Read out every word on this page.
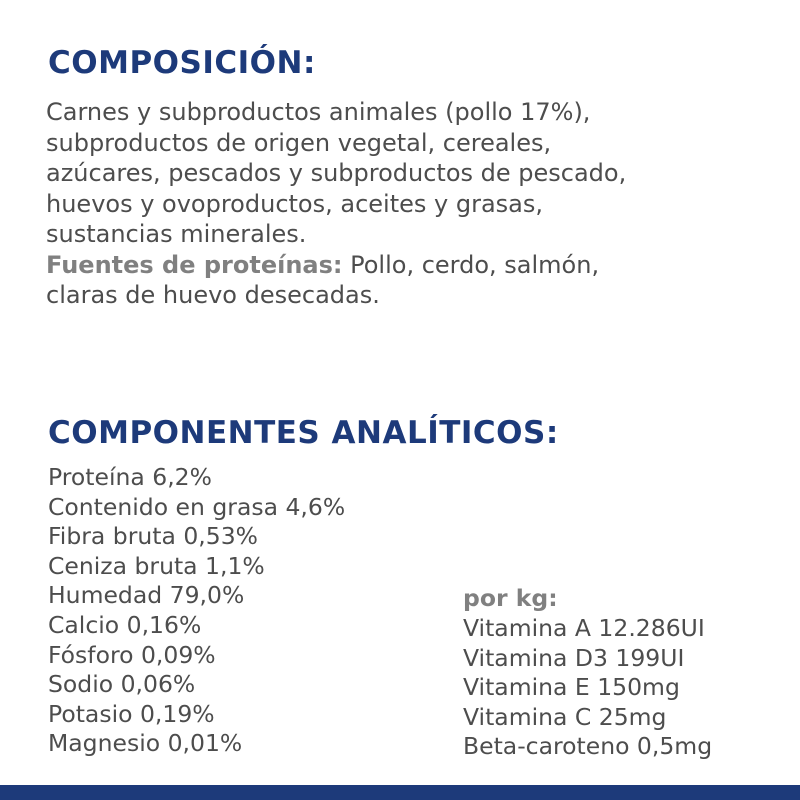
COMPOSICIÓN:
Carnes y subproductos animales (pollo 17%),
subproductos de origen vegetal, cereales,
azúcares, pescados y subproductos de pescado,
huevos y ovoproductos, aceites y grasas,
sustancias minerales.
Fuentes de proteínas: Pollo, cerdo, salmón,
claras de huevo desecadas.
COMPONENTES ANALÍTICOS:
Proteína 6,2%
Contenido en grasa 4,6%
Fibra bruta 0,53%
Ceniza bruta 1,1%
Humedad 79,0%
Calcio 0,16%
Fósforo 0,09%
Sodio 0,06%
Potasio 0,19%
Magnesio 0,01%
por kg:
Vitamina A 12.286UI
Vitamina D3 199UI
Vitamina E 150mg
Vitamina C 25mg
Beta-caroteno 0,5mg
